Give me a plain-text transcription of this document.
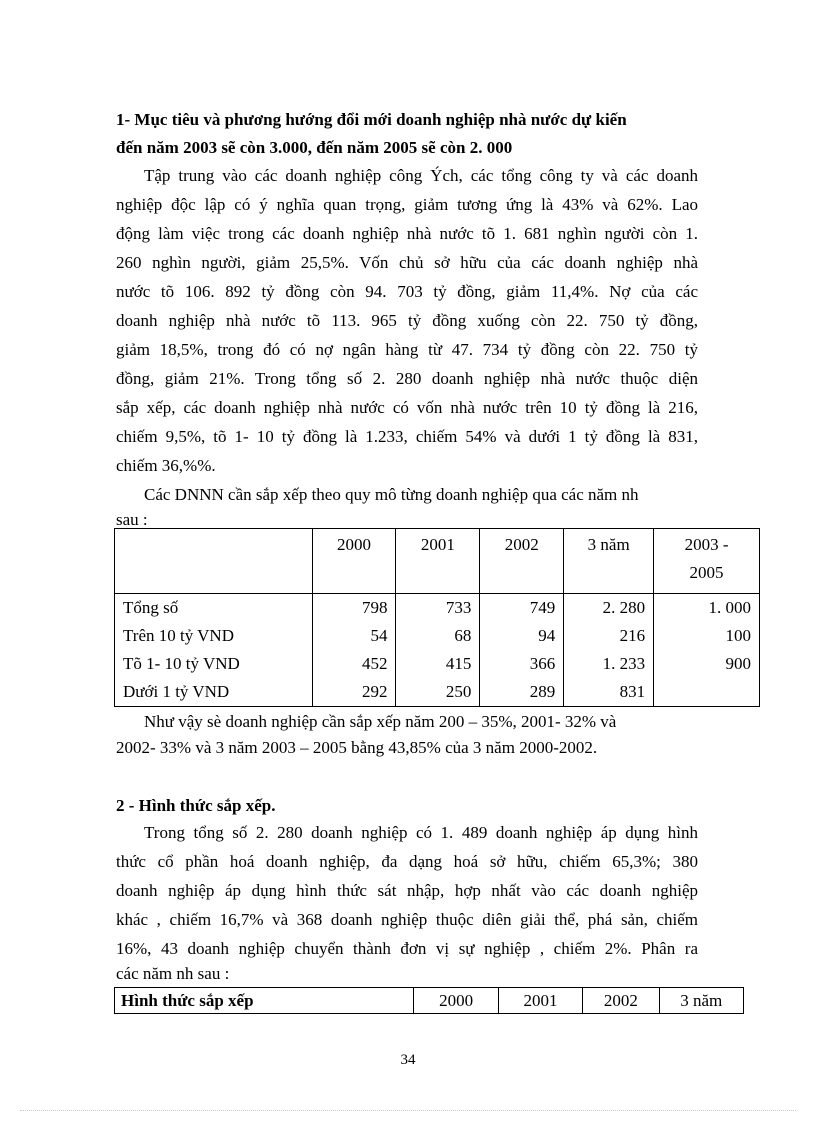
1- Mục tiêu và phương hướng đổi mới doanh nghiệp nhà nước dự kiến
đến năm 2003 sẽ còn 3.000, đến năm 2005 sẽ còn 2. 000
Tập trung vào các doanh nghiệp công Ých, các tổng công ty và các doanh
nghiệp độc lập có ý nghĩa quan trọng, giảm tương ứng là 43% và 62%. Lao
động làm việc trong các doanh nghiệp nhà nước tõ 1. 681 nghìn người còn 1.
260 nghìn người, giảm 25,5%. Vốn chủ sở hữu của các doanh nghiệp nhà
nước tõ 106. 892 tỷ đồng còn 94. 703 tỷ đồng, giảm 11,4%. Nợ của các
doanh nghiệp nhà nước tõ 113. 965 tỷ đồng xuống còn 22. 750 tỷ đồng,
giảm 18,5%, trong đó có nợ ngân hàng từ 47. 734 tỷ đồng còn 22. 750 tỷ
đồng, giảm 21%. Trong tổng số 2. 280 doanh nghiệp nhà nước thuộc diện
sắp xếp, các doanh nghiệp nhà nước có vốn nhà nước trên 10 tỷ đồng là 216,
chiếm 9,5%, tõ 1- 10 tỷ đồng là 1.233, chiếm 54% và dưới 1 tỷ đồng là 831,
chiếm 36,%%.
Các DNNN cần sắp xếp theo quy mô từng doanh nghiệp qua các năm nh
sau :
	2000	2001	2002	3 năm	2003 -
2005

Tổng số	798	733	749	2. 280	1. 000
Trên 10 tỷ VND	54	68	94	216	100
Tõ 1- 10 tỷ VND	452	415	366	1. 233	900
Dưới 1 tỷ VND	292	250	289	831	
Như vậy sè doanh nghiệp cần sắp xếp năm 200 – 35%, 2001- 32% và
2002- 33% và 3 năm 2003 – 2005 bằng 43,85% của 3 năm 2000-2002.
2 - Hình thức sắp xếp.
Trong tổng số 2. 280 doanh nghiệp có 1. 489 doanh nghiệp áp dụng hình
thức cổ phần hoá doanh nghiệp, đa dạng hoá sở hữu, chiếm 65,3%; 380
doanh nghiệp áp dụng hình thức sát nhập, hợp nhất vào các doanh nghiệp
khác , chiếm 16,7% và 368 doanh nghiệp thuộc diên giải thể, phá sản, chiếm
16%, 43 doanh nghiệp chuyển thành đơn vị sự nghiệp , chiếm 2%. Phân ra
các năm nh sau :
Hình thức sắp xếp	2000	2001	2002	3 năm
34
